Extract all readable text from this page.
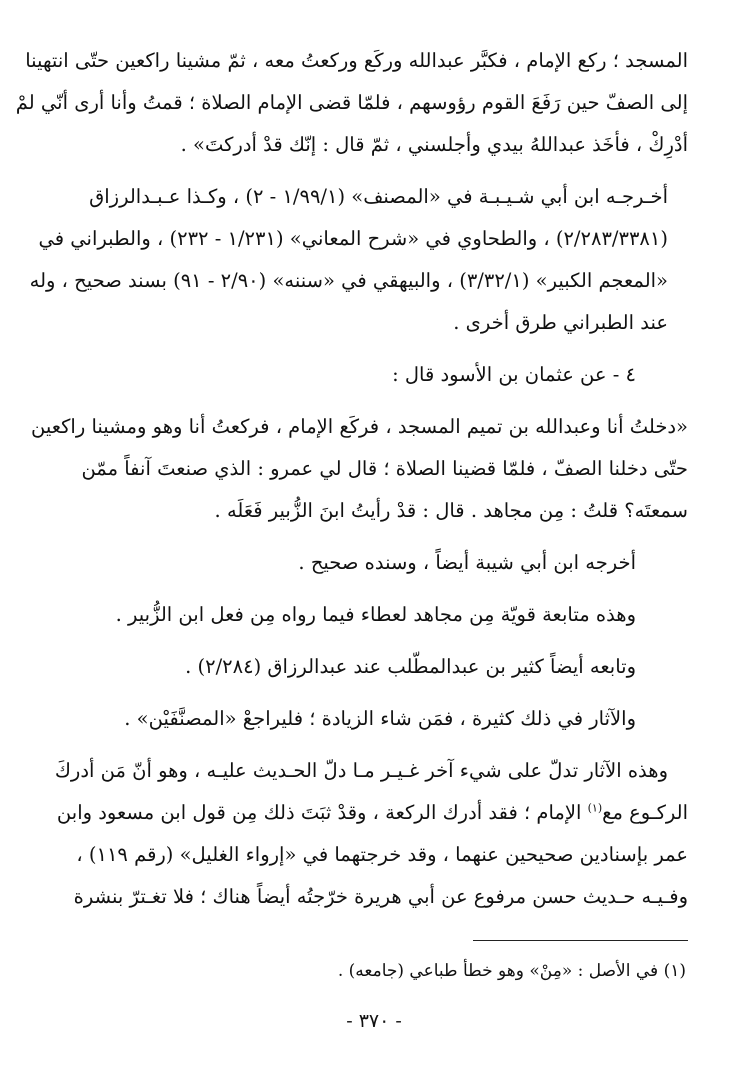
المسجد ؛ ركع الإمام ، فكبَّر عبدالله وركَع وركعتُ معه ، ثمّ مشينا راكعين حتّى انتهينا
إلى الصفّ حين رَفَعَ القوم رؤوسهم ، فلمّا قضى الإمام الصلاة ؛ قمتُ وأنا أرى أنّي لمْ
أدْرِكْ ، فأخَذ عبداللهُ بيدي وأجلسني ، ثمّ قال : إنّك قدْ أدركتَ» .

أخـرجـه ابن أبي شـيـبـة في «المصنف» (١/٩٩/١ - ٢) ، وكـذا عـبـدالرزاق
(٢/٢٨٣/٣٣٨١) ، والطحاوي في «شرح المعاني» (١/٢٣١ - ٢٣٢) ، والطبراني في
«المعجم الكبير» (٣/٣٢/١) ، والبيهقي في «سننه» (٢/٩٠ - ٩١) بسند صحيح ، وله
عند الطبراني طرق أخرى .

٤ - عن عثمان بن الأسود قال :

«دخلتُ أنا وعبدالله بن تميم المسجد ، فركَع الإمام ، فركعتُ أنا وهو ومشينا راكعين
حتّى دخلنا الصفّ ، فلمّا قضينا الصلاة ؛ قال لي عمرو : الذي صنعتَ آنفاً ممّن
سمعتَه؟ قلتُ : مِن مجاهد . قال : قدْ رأيتُ ابنَ الزُّبير فَعَلَه .

أخرجه ابن أبي شيبة أيضاً ، وسنده صحيح .

وهذه متابعة قويّة مِن مجاهد لعطاء فيما رواه مِن فعل ابن الزُّبير .

وتابعه أيضاً كثير بن عبدالمطّلب عند عبدالرزاق (٢/٢٨٤) .

والآثار في ذلك كثيرة ، فمَن شاء الزيادة ؛ فليراجعْ «المصنَّفَيْن» .

وهذه الآثار تدلّ على شيء آخر غـيـر مـا دلّ الحـديث عليـه ، وهو أنّ مَن أدركَ
الركـوع مع$^{(١)}$ الإمام ؛ فقد أدرك الركعة ، وقدْ ثبَتَ ذلك مِن قول ابن مسعود وابن
عمر بإسنادين صحيحين عنهما ، وقد خرجتهما في «إرواء الغليل» (رقم ١١٩) ،
وفـيـه حـديث حسن مرفوع عن أبي هريرة خرّجتُه أيضاً هناك ؛ فلا تغـترّ بنشرة

(١) في الأصل : «مِنْ» وهو خطأ طباعي (جامعه) .
- ٣٧٠ -
